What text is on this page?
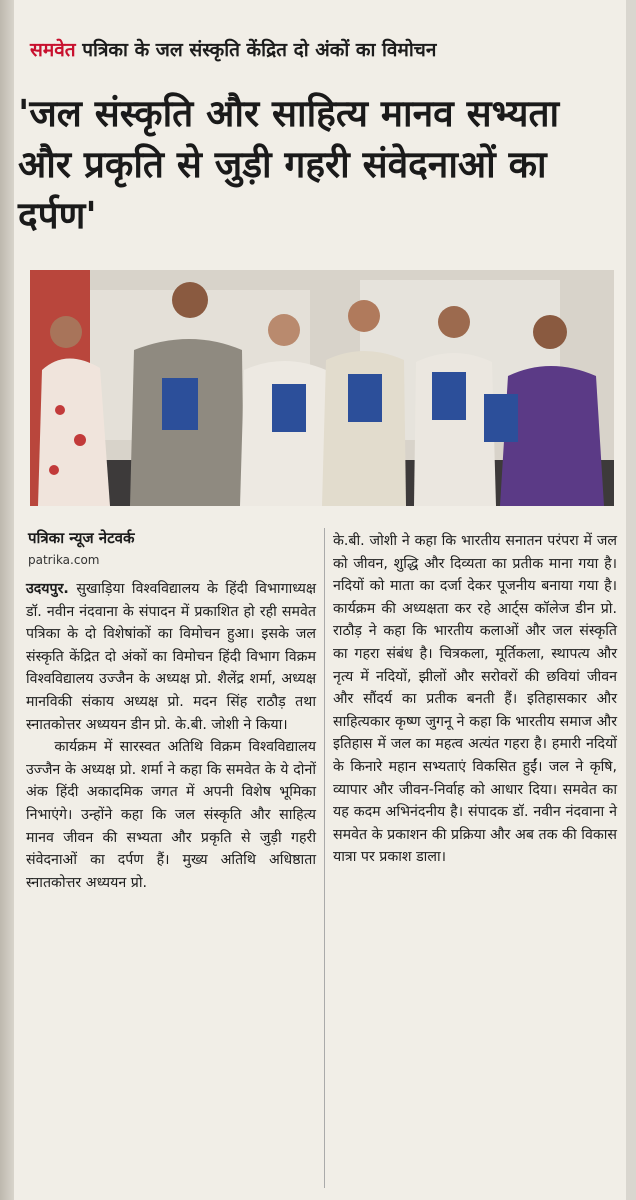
समवेत पत्रिका के जल संस्कृति केंद्रित दो अंकों का विमोचन
'जल संस्कृति और साहित्य मानव सभ्यता और प्रकृति से जुड़ी गहरी संवेदनाओं का दर्पण'
पत्रिका न्यूज नेटवर्क
patrika.com

उदयपुर. सुखाड़िया विश्वविद्यालय के हिंदी विभागाध्यक्ष डॉ. नवीन नंदवाना के संपादन में प्रकाशित हो रही समवेत पत्रिका के दो विशेषांकों का विमोचन हुआ। इसके जल संस्कृति केंद्रित दो अंकों का विमोचन हिंदी विभाग विक्रम विश्वविद्यालय उज्जैन के अध्यक्ष प्रो. शैलेंद्र शर्मा, अध्यक्ष मानविकी संकाय अध्यक्ष प्रो. मदन सिंह राठौड़ तथा स्नातकोत्तर अध्ययन डीन प्रो. के.बी. जोशी ने किया।

कार्यक्रम में सारस्वत अतिथि विक्रम विश्वविद्यालय उज्जैन के अध्यक्ष प्रो. शर्मा ने कहा कि समवेत के ये दोनों अंक हिंदी अकादमिक जगत में अपनी विशेष भूमिका निभाएंगे। उन्होंने कहा कि जल संस्कृति और साहित्य मानव जीवन की सभ्यता और प्रकृति से जुड़ी गहरी संवेदनाओं का दर्पण हैं। मुख्य अतिथि अधिष्ठाता स्नातकोत्तर अध्ययन प्रो.

के.बी. जोशी ने कहा कि भारतीय सनातन परंपरा में जल को जीवन, शुद्धि और दिव्यता का प्रतीक माना गया है। नदियों को माता का दर्जा देकर पूजनीय बनाया गया है। कार्यक्रम की अध्यक्षता कर रहे आर्ट्स कॉलेज डीन प्रो. राठौड़ ने कहा कि भारतीय कलाओं और जल संस्कृति का गहरा संबंध है। चित्रकला, मूर्तिकला, स्थापत्य और नृत्य में नदियों, झीलों और सरोवरों की छवियां जीवन और सौंदर्य का प्रतीक बनती हैं। इतिहासकार और साहित्यकार कृष्ण जुगनू ने कहा कि भारतीय समाज और इतिहास में जल का महत्व अत्यंत गहरा है। हमारी नदियों के किनारे महान सभ्यताएं विकसित हुईं। जल ने कृषि, व्यापार और जीवन-निर्वाह को आधार दिया। समवेत का यह कदम अभिनंदनीय है। संपादक डॉ. नवीन नंदवाना ने समवेत के प्रकाशन की प्रक्रिया और अब तक की विकास यात्रा पर प्रकाश डाला।
